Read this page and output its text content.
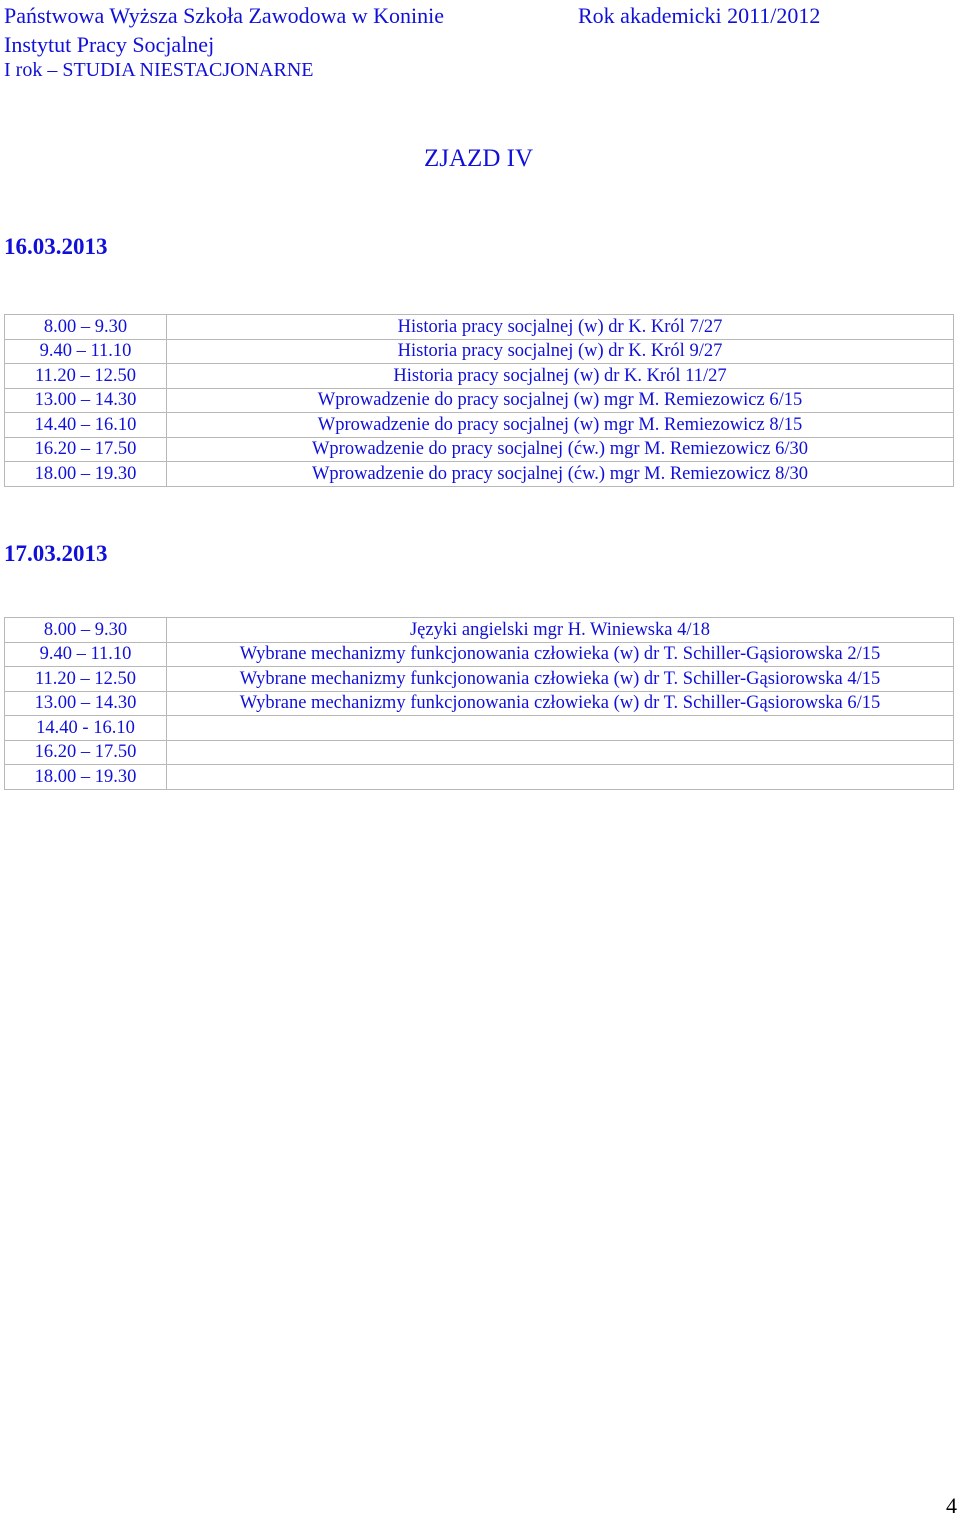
Państwowa Wyższa Szkoła Zawodowa w Koninie
Instytut Pracy Socjalnej
I rok – STUDIA NIESTACJONARNE
Rok akademicki 2011/2012
ZJAZD IV
16.03.2013
8.00 – 9.30	Historia pracy socjalnej (w) dr K. Król 7/27
9.40 – 11.10	Historia pracy socjalnej (w) dr K. Król 9/27
11.20 – 12.50	Historia pracy socjalnej (w) dr K. Król 11/27
13.00 – 14.30	Wprowadzenie do pracy socjalnej (w) mgr M. Remiezowicz 6/15
14.40 – 16.10	Wprowadzenie do pracy socjalnej (w) mgr M. Remiezowicz 8/15
16.20 – 17.50	Wprowadzenie do pracy socjalnej (ćw.) mgr M. Remiezowicz 6/30
18.00 – 19.30	Wprowadzenie do pracy socjalnej (ćw.) mgr M. Remiezowicz 8/30
17.03.2013
8.00 – 9.30	Języki angielski mgr H. Winiewska 4/18
9.40 – 11.10	Wybrane mechanizmy funkcjonowania człowieka (w) dr T. Schiller-Gąsiorowska 2/15
11.20 – 12.50	Wybrane mechanizmy funkcjonowania człowieka (w) dr T. Schiller-Gąsiorowska 4/15
13.00 – 14.30	Wybrane mechanizmy funkcjonowania człowieka (w) dr T. Schiller-Gąsiorowska 6/15
14.40 - 16.10	
16.20 – 17.50	
18.00 – 19.30	
4
